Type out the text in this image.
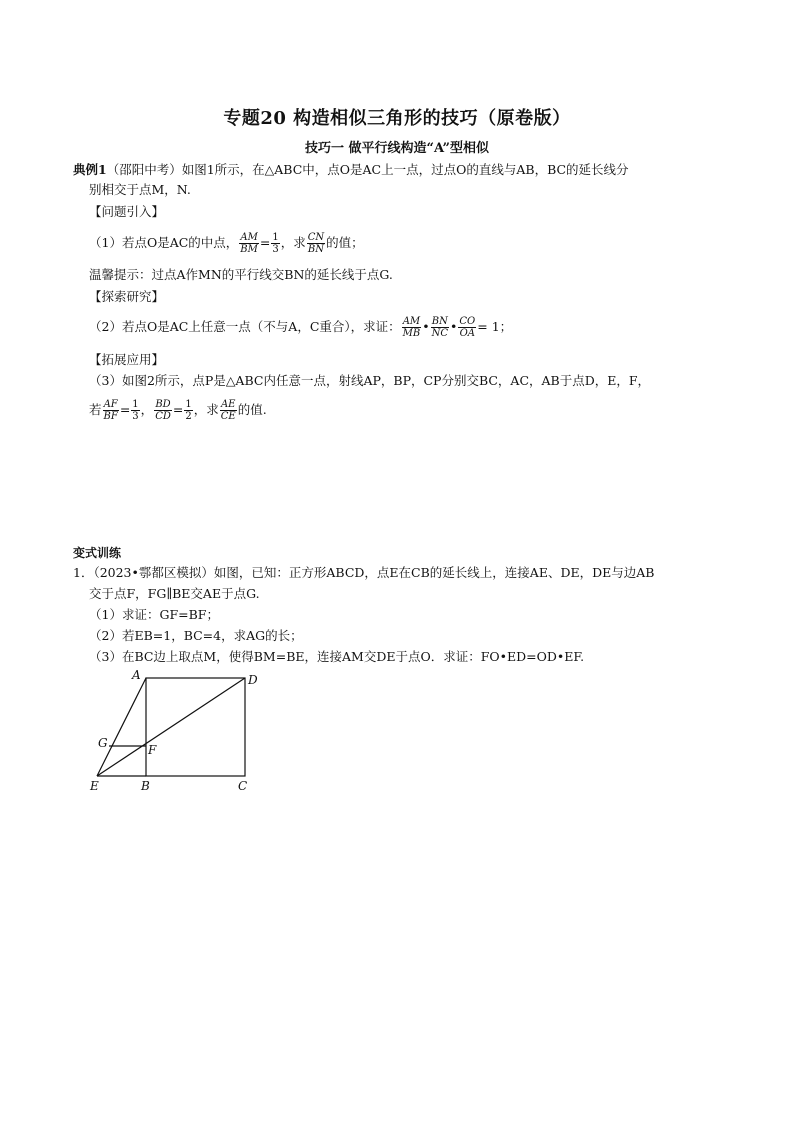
专题20 构造相似三角形的技巧（原卷版）
技巧一 做平行线构造“A”型相似
典例1（邵阳中考）如图1所示，在△ABC中，点O是AC上一点，过点O的直线与AB，BC的延长线分
别相交于点M，N.
【问题引入】
（1）若点O是AC的中点， $\frac{AM}{BM} = \frac{1}{3}$ ，求 $\frac{CN}{BN}$ 的值；
温馨提示：过点A作MN的平行线交BN的延长线于点G.
【探索研究】
（2）若点O是AC上任意一点（不与A，C重合），求证： $\frac{AM}{MB}$ • $\frac{BN}{NC}$ • $\frac{CO}{OA} = 1$；
【拓展应用】
（3）如图2所示，点P是△ABC内任意一点，射线AP，BP，CP分别交BC，AC，AB于点D，E，F，
若 $\frac{AF}{BF} = \frac{1}{3}$ ， $\frac{BD}{CD} = \frac{1}{2}$ ，求 $\frac{AE}{CE}$ 的值.
变式训练
1．（2023•鄠都区模拟）如图，已知：正方形ABCD，点E在CB的延长线上，连接AE、DE，DE与边AB
交于点F，FG∥BE交AE于点G.
（1）求证：GF=BF；
（2）若EB=1，BC=4，求AG的长；
（3）在BC边上取点M，使得BM=BE，连接AM交DE于点O．求证：FO•ED=OD•EF.
A	D
G	F
E	B	C
